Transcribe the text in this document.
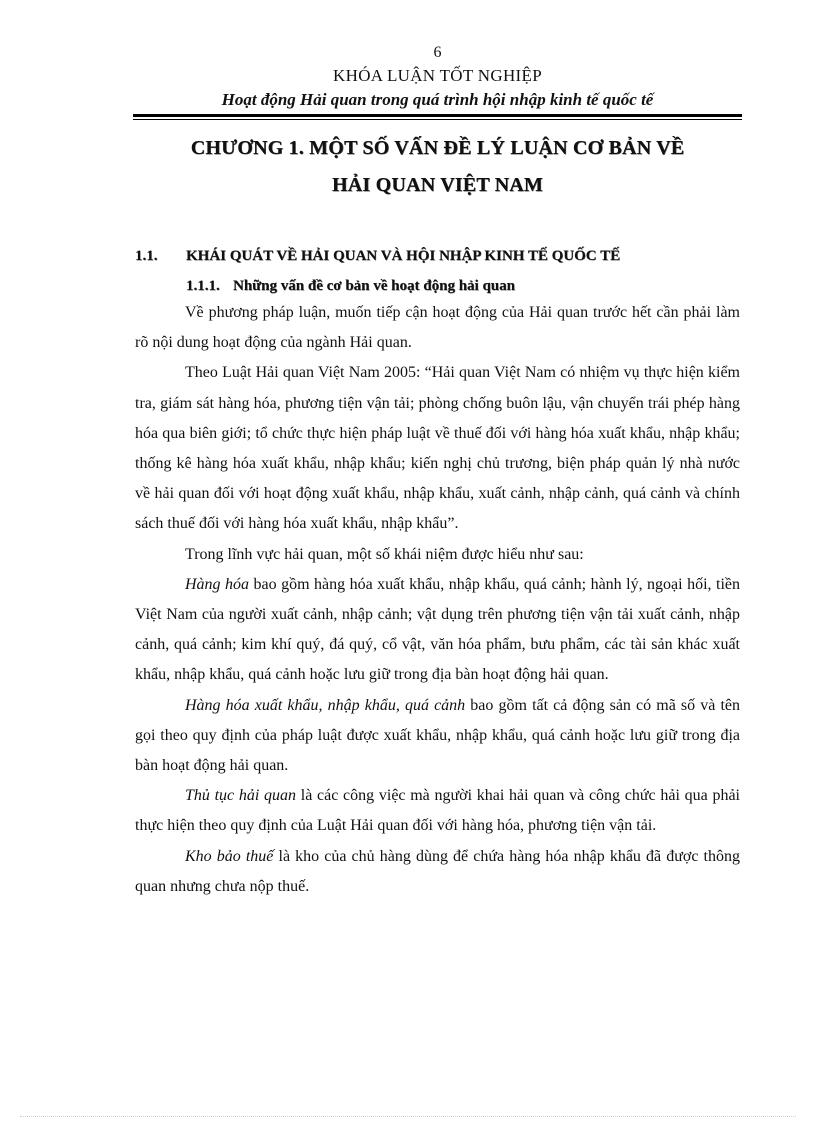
6
KHÓA LUẬN TỐT NGHIỆP
Hoạt động Hải quan trong quá trình hội nhập kinh tế quốc tế
CHƯƠNG 1. MỘT SỐ VẤN ĐỀ LÝ LUẬN CƠ BẢN VỀ
HẢI QUAN VIỆT NAM
1.1. KHÁI QUÁT VỀ HẢI QUAN VÀ HỘI NHẬP KINH TẾ QUỐC TẾ
1.1.1. Những vấn đề cơ bản về hoạt động hải quan

Về phương pháp luận, muốn tiếp cận hoạt động của Hải quan trước hết cần phải làm rõ nội dung hoạt động của ngành Hải quan.

Theo Luật Hải quan Việt Nam 2005: “Hải quan Việt Nam có nhiệm vụ thực hiện kiểm tra, giám sát hàng hóa, phương tiện vận tải; phòng chống buôn lậu, vận chuyển trái phép hàng hóa qua biên giới; tổ chức thực hiện pháp luật về thuế đối với hàng hóa xuất khẩu, nhập khẩu; thống kê hàng hóa xuất khẩu, nhập khẩu; kiến nghị chủ trương, biện pháp quản lý nhà nước về hải quan đối với hoạt động xuất khẩu, nhập khẩu, xuất cảnh, nhập cảnh, quá cảnh và chính sách thuế đối với hàng hóa xuất khẩu, nhập khẩu”.

Trong lĩnh vực hải quan, một số khái niệm được hiểu như sau:

Hàng hóa bao gồm hàng hóa xuất khẩu, nhập khẩu, quá cảnh; hành lý, ngoại hối, tiền Việt Nam của người xuất cảnh, nhập cảnh; vật dụng trên phương tiện vận tải xuất cảnh, nhập cảnh, quá cảnh; kim khí quý, đá quý, cổ vật, văn hóa phẩm, bưu phẩm, các tài sản khác xuất khẩu, nhập khẩu, quá cảnh hoặc lưu giữ trong địa bàn hoạt động hải quan.

Hàng hóa xuất khẩu, nhập khẩu, quá cảnh bao gồm tất cả động sản có mã số và tên gọi theo quy định của pháp luật được xuất khẩu, nhập khẩu, quá cảnh hoặc lưu giữ trong địa bàn hoạt động hải quan.

Thủ tục hải quan là các công việc mà người khai hải quan và công chức hải qua phải thực hiện theo quy định của Luật Hải quan đối với hàng hóa, phương tiện vận tải.

Kho bảo thuế là kho của chủ hàng dùng để chứa hàng hóa nhập khẩu đã được thông quan nhưng chưa nộp thuế.
